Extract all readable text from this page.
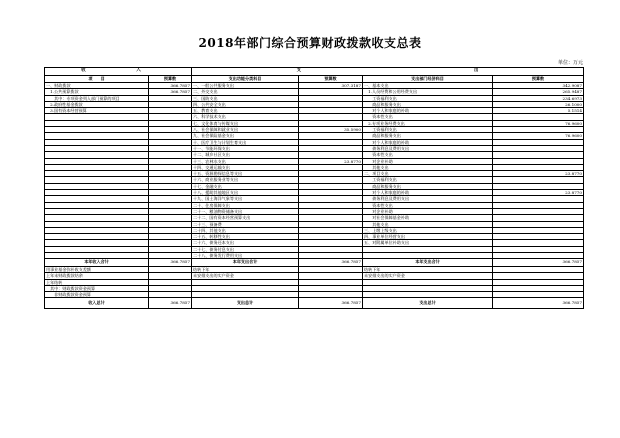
2018年部门综合预算财政拨款收支总表
单位：万元
收　　入		支 出			
项　　目	预算数	支出功能分类科目	预算数	支出部门经济科目	预算数
一、财政拨款	366.7857	一、一般公共服务支出	307.3187	一、基本支出	342.9087
　1.公共预算拨款	366.7857	二、外交支出		　1.人员经费和公用经费支出	265.9487
　　其中：专项资金列入部门预算的项目		三、国防支出		　　工资福利支出	234.6973
　2.政府性基金拨款		四、公共安全支出		　　商品和服务支出	26.1000
　3.国有资本经营预算		五、教育支出		　　对个人和家庭的补助	5.1514
		六、科学技术支出		　　资本性支出	
		七、文化体育与传媒支出		　2.专项业务经费支出	76.9600
		八、社会保障和就业支出	35.5900	　　工资福利支出	
		九、社会保险基金支出		　　商品和服务支出	76.9600
		十、医疗卫生与计划生育支出		　　对个人和家庭的补助	
		十一、节能环保支出		　　债务利息及费用支出	
		十二、城乡社区支出		　　资本性支出	
		十三、农林水支出	23.8770	　　对企业补助	
		十四、交通运输支出		　　其他支出	
		十五、资源勘探信息等支出		二、项目支出	23.8770
		十六、商业服务业等支出		　　工资福利支出	
		十七、金融支出		　　商品和服务支出	
		十八、援助其他地区支出		　　对个人和家庭的补助	23.8770
		十九、国土海洋气象等支出		　　债务利息及费用支出	
		二十、住房保障支出		　　资本性支出	
		二十一、粮油物资储备支出		　　对企业补助	
		二十二、国有资本经营预算支出		　　对社会保障基金补助	
		二十三、预备费		　　其他支出	
		二十四、其他支出		三、上缴上级支出	
		二十五、转移性支出		四、事业单位经营支出	
		二十六、债务还本支出		五、对附属单位补助支出	
		二十七、债务付息支出			
		二十八、债务发行费用支出			
本年收入合计	366.7857	本年支出合计	366.7857	本年支出合计	366.7857
用事业基金弥补收支差额		结转下年		结转下年	
上年末财政拨款结余		未安排支出的实户资金		未安排支出的实户资金	
上年结转					
　其中：财政拨款资金预算					
　　非财政拨款资金预算					
收入总计	366.7857	支出总计	366.7857	支出总计	366.7857
